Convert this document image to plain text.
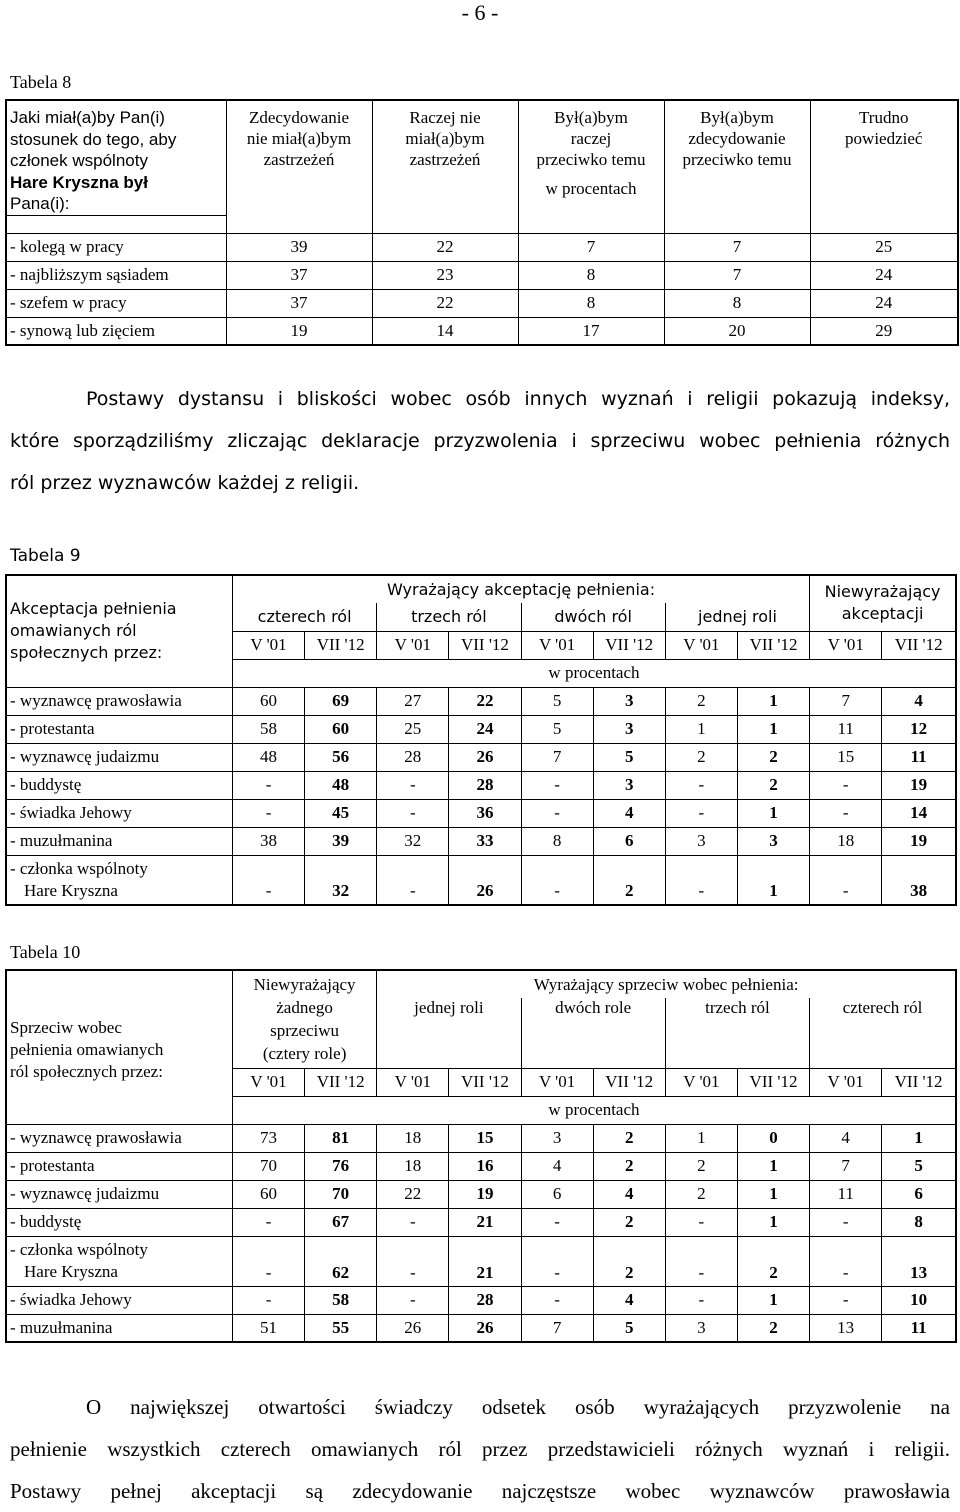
- 6 -
Tabela 8
Jaki miał(a)by Pan(i)
stosunek do tego, aby
członek wspólnoty
Hare Kryszna był
Pana(i):	Zdecydowanie
nie miał(a)bym
zastrzeżeń	Raczej nie
miał(a)bym
zastrzeżeń	Był(a)bym
raczej
przeciwko temu
w procentach	Był(a)bym
zdecydowanie
przeciwko temu	Trudno
powiedzieć

- kolegą w pracy	39	22	7	7	25
- najbliższym sąsiadem	37	23	8	7	24
- szefem w pracy	37	22	8	8	24
- synową lub zięciem	19	14	17	20	29
Postawy dystansu i bliskości wobec osób innych wyznań i religii pokazują indeksy,
które sporządziliśmy zliczając deklaracje przyzwolenia i sprzeciwu wobec pełnienia różnych
ról przez wyznawców każdej z religii.
Tabela 9
Akceptacja pełnienia
omawianych ról
społecznych przez:	Wyrażający akceptację pełnienia:								Niewyrażający
akceptacji	

	czterech ról		trzech ról		dwóch ról		jednej roli			
	V '01	VII '12	V '01	VII '12	V '01	VII '12	V '01	VII '12	V '01	VII '12
	w procentach									
- wyznawcę prawosławia	60	69	27	22	5	3	2	1	7	4
- protestanta	58	60	25	24	5	3	1	1	11	12
- wyznawcę judaizmu	48	56	28	26	7	5	2	2	15	11
- buddystę	-	48	-	28	-	3	-	2	-	19
- świadka Jehowy	-	45	-	36	-	4	-	1	-	14
- muzułmanina	38	39	32	33	8	6	3	3	18	19

- członka wspólnoty
Hare Kryszna	-	32	-	26	-	2	-	1	-	38
Tabela 10
Sprzeciw wobec
pełnienia omawianych
ról społecznych przez:	Niewyrażający
żadnego
sprzeciwu
(cztery role)		Wyrażający sprzeciw wobec pełnienia:							
			jednej roli		dwóch role		trzech ról		czterech ról	
	V '01	VII '12	V '01	VII '12	V '01	VII '12	V '01	VII '12	V '01	VII '12
	w procentach									
- wyznawcę prawosławia	73	81	18	15	3	2	1	0	4	1
- protestanta	70	76	18	16	4	2	2	1	7	5
- wyznawcę judaizmu	60	70	22	19	6	4	2	1	11	6
- buddystę	-	67	-	21	-	2	-	1	-	8

- członka wspólnoty
Hare Kryszna	-	62	-	21	-	2	-	2	-	13
- świadka Jehowy	-	58	-	28	-	4	-	1	-	10
- muzułmanina	51	55	26	26	7	5	3	2	13	11
O największej otwartości świadczy odsetek osób wyrażających przyzwolenie na
pełnienie wszystkich czterech omawianych ról przez przedstawicieli różnych wyznań i religii.
Postawy pełnej akceptacji są zdecydowanie najczęstsze wobec wyznawców prawosławia
